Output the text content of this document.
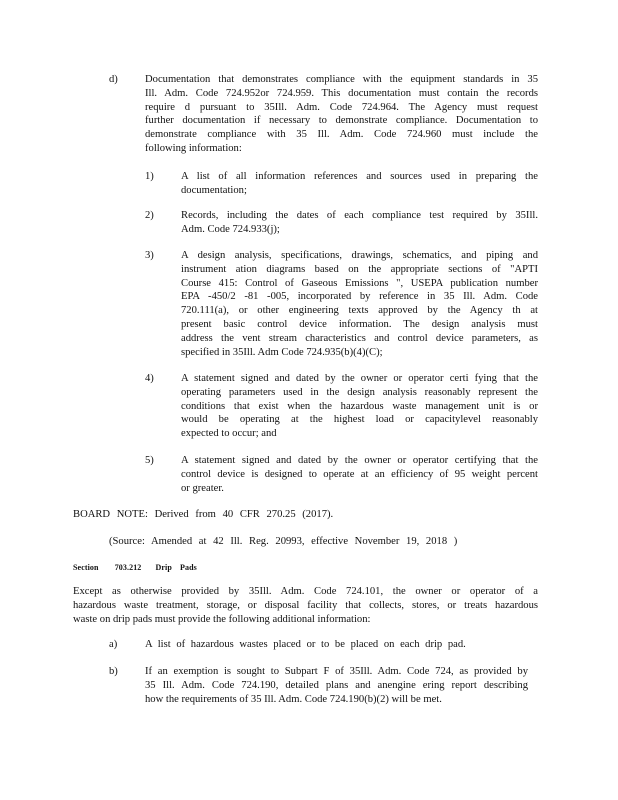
d)	Documentation that demonstrates compliance with the equipment standards in 35
Ill. Adm. Code 724.952or 724.959. This documentation must contain the records
require d pursuant to 35Ill. Adm. Code 724.964. The Agency must request
further documentation if necessary to demonstrate compliance. Documentation to
demonstrate compliance with 35 Ill. Adm. Code 724.960 must include the
following information:
1)	A list of all information references and sources used in preparing the
documentation;
2)	Records, including the dates of each compliance test required by 35Ill.
Adm. Code 724.933(j);
3)	A design analysis, specifications, drawings, schematics, and piping and
instrument ation diagrams based on the appropriate sections of "APTI
Course 415: Control of Gaseous Emissions ", USEPA publication number
EPA -450/2 -81 -005, incorporated by reference in 35 Ill. Adm. Code
720.111(a), or other engineering texts approved by the Agency th at
present basic control device information. The design analysis must
address the vent stream characteristics and control device parameters, as
specified in 35Ill. Adm Code 724.935(b)(4)(C);
4)	A statement signed and dated by the owner or operator certi fying that the
operating parameters used in the design analysis reasonably represent the
conditions that exist when the hazardous waste management unit is or
would be operating at the highest load or capacitylevel reasonably
expected to occur; and
5)	A statement signed and dated by the owner or operator certifying that the
control device is designed to operate at an efficiency of 95 weight percent
or greater.
BOARD NOTE: Derived from 40 CFR 270.25 (2017).
(Source: Amended at 42 Ill. Reg. 20993, effective November 19, 2018 )
Section 703.212 Drip Pads
Except as otherwise provided by 35Ill. Adm. Code 724.101, the owner or operator of a
hazardous waste treatment, storage, or disposal facility that collects, stores, or treats hazardous
waste on drip pads must provide the following additional information:
a)	A list of hazardous wastes placed or to be placed on each drip pad.
b)	If an exemption is sought to Subpart F of 35Ill. Adm. Code 724, as provided by
35 Ill. Adm. Code 724.190, detailed plans and anengine ering report describing
how the requirements of 35 Ill. Adm. Code 724.190(b)(2) will be met.
